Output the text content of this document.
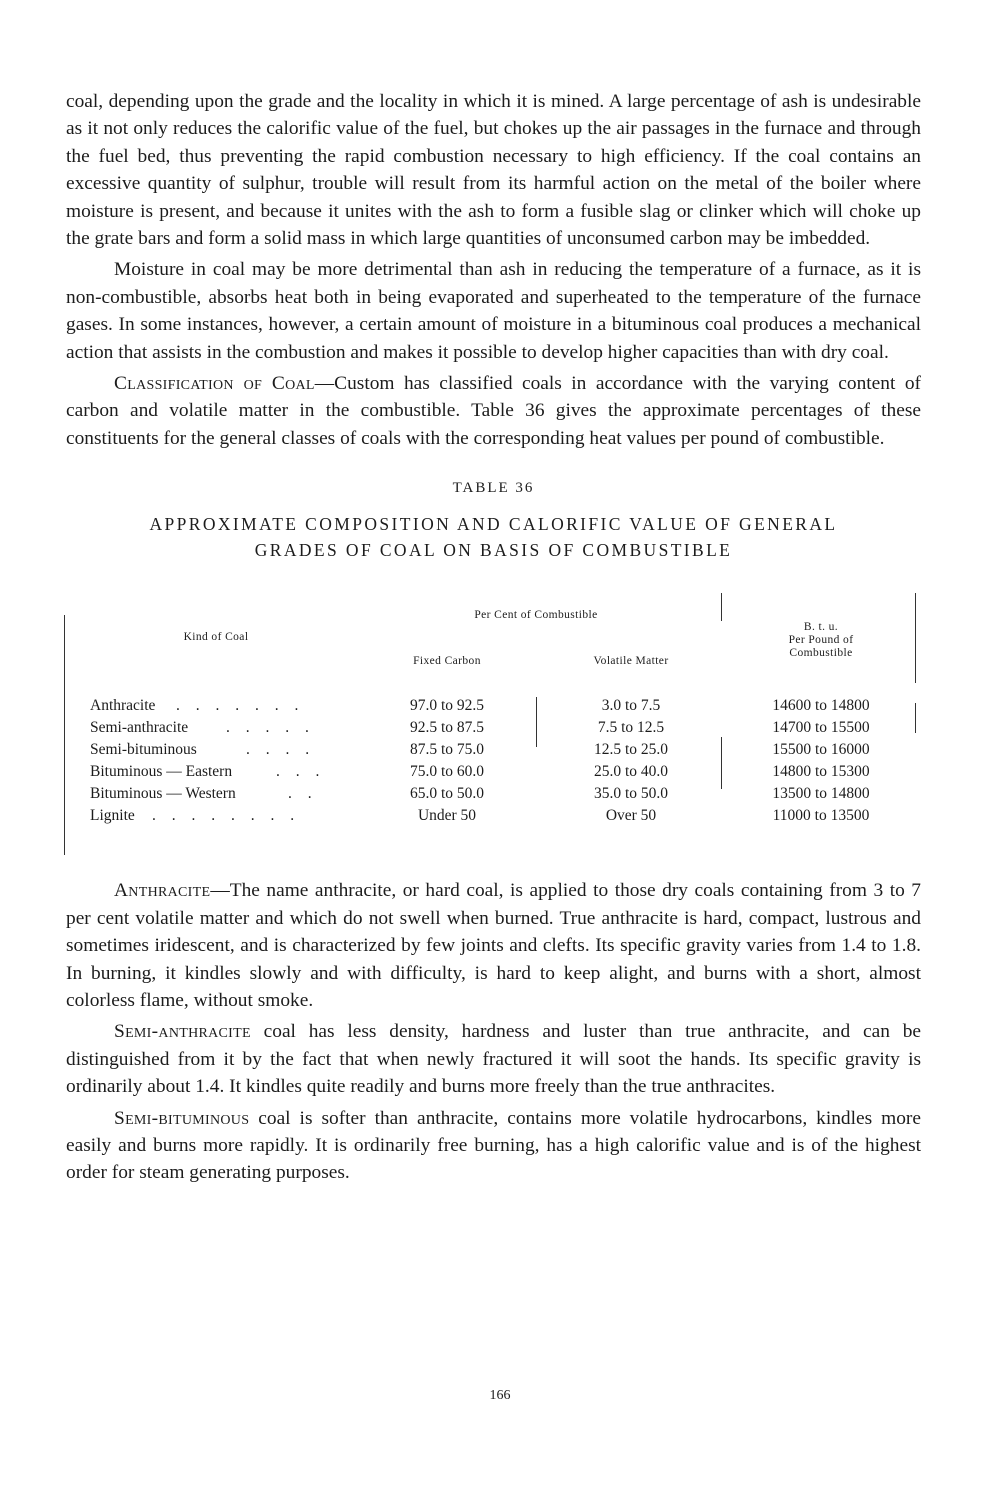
coal, depending upon the grade and the locality in which it is mined. A large percentage of ash is undesirable as it not only reduces the calorific value of the fuel, but chokes up the air passages in the furnace and through the fuel bed, thus preventing the rapid combustion necessary to high efficiency. If the coal contains an excessive quantity of sulphur, trouble will result from its harmful action on the metal of the boiler where moisture is present, and because it unites with the ash to form a fusible slag or clinker which will choke up the grate bars and form a solid mass in which large quantities of unconsumed carbon may be imbedded.

Moisture in coal may be more detrimental than ash in reducing the temperature of a furnace, as it is non-combustible, absorbs heat both in being evaporated and superheated to the temperature of the furnace gases. In some instances, however, a certain amount of moisture in a bituminous coal produces a mechanical action that assists in the combustion and makes it possible to develop higher capacities than with dry coal.

Classification of Coal—Custom has classified coals in accordance with the varying content of carbon and volatile matter in the combustible. Table 36 gives the approximate percentages of these constituents for the general classes of coals with the corresponding heat values per pound of combustible.

TABLE 36
APPROXIMATE COMPOSITION AND CALORIFIC VALUE OF GENERAL
GRADES OF COAL ON BASIS OF COMBUSTIBLE
Kind of Coal
Per Cent of Combustible
Fixed Carbon	Volatile Matter
B. t. u.
Per Pound of
Combustible
Anthracite . . . . . . .	97.0 to 92.5	3.0 to 7.5	14600 to 14800
Semi-anthracite . . . . .	92.5 to 87.5	7.5 to 12.5	14700 to 15500
Semi-bituminous	. . . .	87.5 to 75.0	12.5 to 25.0	15500 to 16000
Bituminous — Eastern	. . .	75.0 to 60.0	25.0 to 40.0	14800 to 15300
Bituminous — Western	. .	65.0 to 50.0	35.0 to 50.0	13500 to 14800
Lignite . . . . . . . .	Under 50	Over 50	11000 to 13500

Anthracite—The name anthracite, or hard coal, is applied to those dry coals containing from 3 to 7 per cent volatile matter and which do not swell when burned. True anthracite is hard, compact, lustrous and sometimes iridescent, and is characterized by few joints and clefts. Its specific gravity varies from 1.4 to 1.8. In burning, it kindles slowly and with difficulty, is hard to keep alight, and burns with a short, almost colorless flame, without smoke.

Semi-anthracite coal has less density, hardness and luster than true anthracite, and can be distinguished from it by the fact that when newly fractured it will soot the hands. Its specific gravity is ordinarily about 1.4. It kindles quite readily and burns more freely than the true anthracites.

Semi-bituminous coal is softer than anthracite, contains more volatile hydrocarbons, kindles more easily and burns more rapidly. It is ordinarily free burning, has a high calorific value and is of the highest order for steam generating purposes.

166
